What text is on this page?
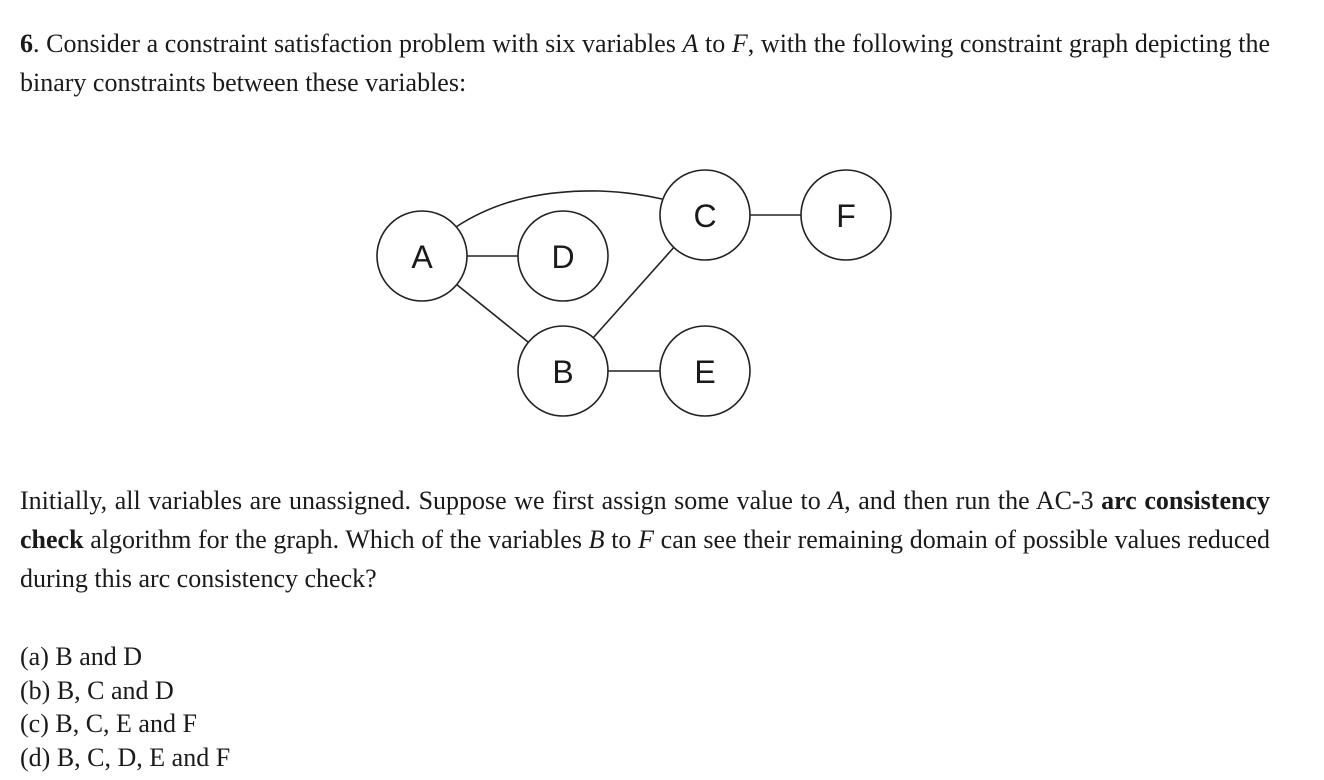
6. Consider a constraint satisfaction problem with six variables A to F, with the following constraint graph depicting the binary constraints between these variables:

A	D
C	F
B	E

Initially, all variables are unassigned. Suppose we first assign some value to A, and then run the AC-3 arc consistency check algorithm for the graph. Which of the variables B to F can see their remaining domain of possible values reduced during this arc consistency check?

(a) B and D
(b) B, C and D
(c) B, C, E and F
(d) B, C, D, E and F
